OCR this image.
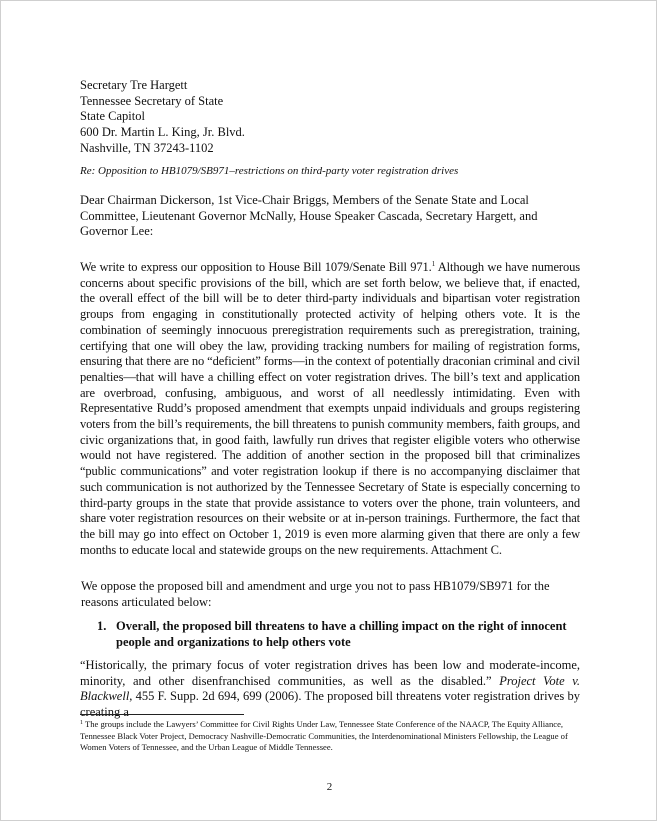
Secretary Tre Hargett
Tennessee Secretary of State
State Capitol
600 Dr. Martin L. King, Jr. Blvd.
Nashville, TN 37243-1102
Re: Opposition to HB1079/SB971–restrictions on third-party voter registration drives
Dear Chairman Dickerson, 1st Vice-Chair Briggs, Members of the Senate State and Local Committee, Lieutenant Governor McNally, House Speaker Cascada, Secretary Hargett, and Governor Lee:
We write to express our opposition to House Bill 1079/Senate Bill 971.$^1$ Although we have numerous concerns about specific provisions of the bill, which are set forth below, we believe that, if enacted, the overall effect of the bill will be to deter third-party individuals and bipartisan voter registration groups from engaging in constitutionally protected activity of helping others vote. It is the combination of seemingly innocuous preregistration requirements such as preregistration, training, certifying that one will obey the law, providing tracking numbers for mailing of registration forms, ensuring that there are no “deficient” forms—in the context of potentially draconian criminal and civil penalties—that will have a chilling effect on voter registration drives. The bill’s text and application are overbroad, confusing, ambiguous, and worst of all needlessly intimidating. Even with Representative Rudd’s proposed amendment that exempts unpaid individuals and groups registering voters from the bill’s requirements, the bill threatens to punish community members, faith groups, and civic organizations that, in good faith, lawfully run drives that register eligible voters who otherwise would not have registered. The addition of another section in the proposed bill that criminalizes “public communications” and voter registration lookup if there is no accompanying disclaimer that such communication is not authorized by the Tennessee Secretary of State is especially concerning to third-party groups in the state that provide assistance to voters over the phone, train volunteers, and share voter registration resources on their website or at in-person trainings. Furthermore, the fact that the bill may go into effect on October 1, 2019 is even more alarming given that there are only a few months to educate local and statewide groups on the new requirements. Attachment C.
We oppose the proposed bill and amendment and urge you not to pass HB1079/SB971 for the reasons articulated below:
1. Overall, the proposed bill threatens to have a chilling impact on the right of innocent people and organizations to help others vote
“Historically, the primary focus of voter registration drives has been low and moderate-income, minority, and other disenfranchised communities, as well as the disabled.” Project Vote v. Blackwell, 455 F. Supp. 2d 694, 699 (2006). The proposed bill threatens voter registration drives by creating a
$^1$ The groups include the Lawyers’ Committee for Civil Rights Under Law, Tennessee State Conference of the NAACP, The Equity Alliance, Tennessee Black Voter Project, Democracy Nashville-Democratic Communities, the Interdenominational Ministers Fellowship, the League of Women Voters of Tennessee, and the Urban League of Middle Tennessee.
2
